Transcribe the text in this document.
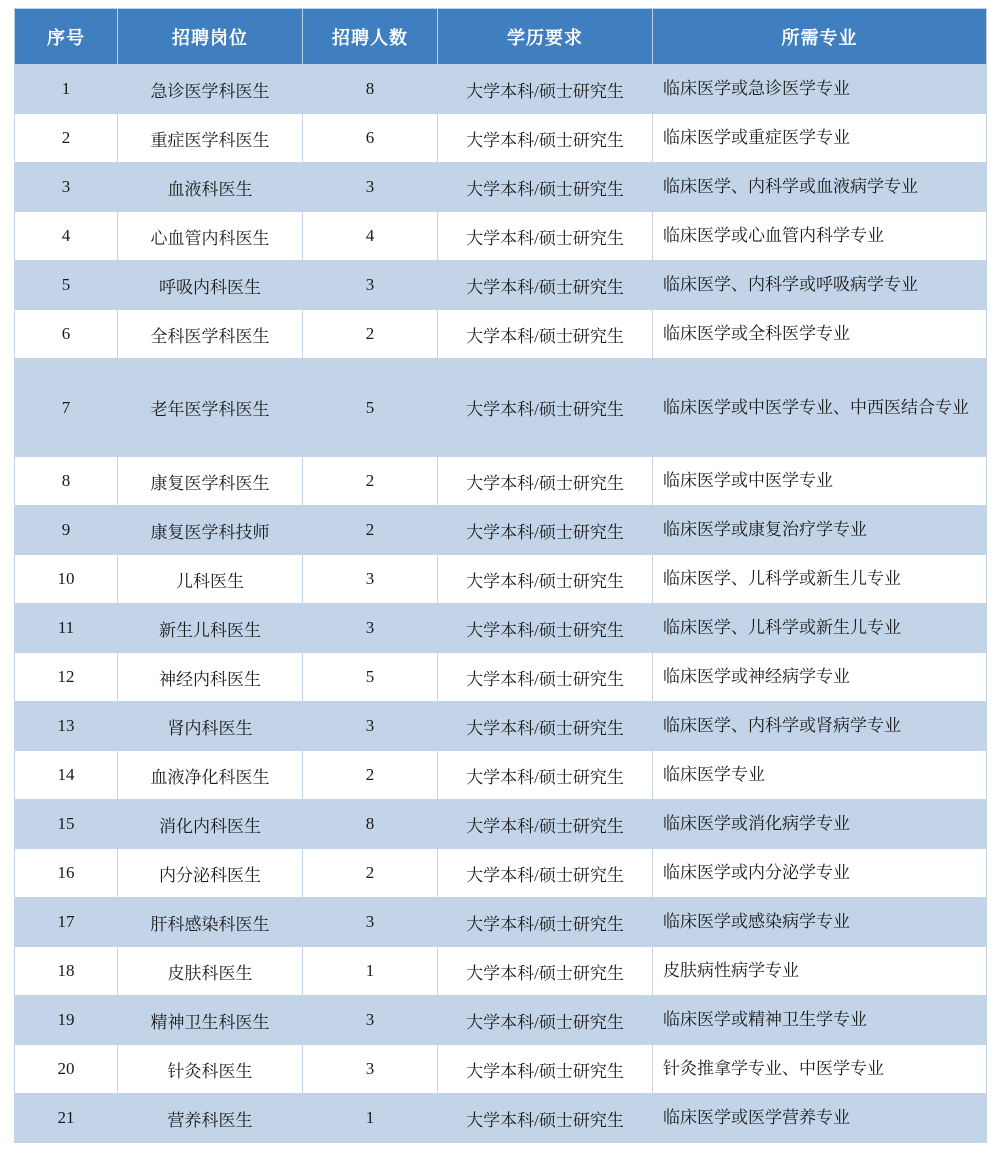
序号	招聘岗位	招聘人数	学历要求	所需专业
1	急诊医学科医生	8	大学本科/硕士研究生	临床医学或急诊医学专业
2	重症医学科医生	6	大学本科/硕士研究生	临床医学或重症医学专业
3	血液科医生	3	大学本科/硕士研究生	临床医学、内科学或血液病学专业
4	心血管内科医生	4	大学本科/硕士研究生	临床医学或心血管内科学专业
5	呼吸内科医生	3	大学本科/硕士研究生	临床医学、内科学或呼吸病学专业
6	全科医学科医生	2	大学本科/硕士研究生	临床医学或全科医学专业
7	老年医学科医生	5	大学本科/硕士研究生	临床医学或中医学专业、中西医结合专业
8	康复医学科医生	2	大学本科/硕士研究生	临床医学或中医学专业
9	康复医学科技师	2	大学本科/硕士研究生	临床医学或康复治疗学专业
10	儿科医生	3	大学本科/硕士研究生	临床医学、儿科学或新生儿专业
11	新生儿科医生	3	大学本科/硕士研究生	临床医学、儿科学或新生儿专业
12	神经内科医生	5	大学本科/硕士研究生	临床医学或神经病学专业
13	肾内科医生	3	大学本科/硕士研究生	临床医学、内科学或肾病学专业
14	血液净化科医生	2	大学本科/硕士研究生	临床医学专业
15	消化内科医生	8	大学本科/硕士研究生	临床医学或消化病学专业
16	内分泌科医生	2	大学本科/硕士研究生	临床医学或内分泌学专业
17	肝科感染科医生	3	大学本科/硕士研究生	临床医学或感染病学专业
18	皮肤科医生	1	大学本科/硕士研究生	皮肤病性病学专业
19	精神卫生科医生	3	大学本科/硕士研究生	临床医学或精神卫生学专业
20	针灸科医生	3	大学本科/硕士研究生	针灸推拿学专业、中医学专业
21	营养科医生	1	大学本科/硕士研究生	临床医学或医学营养专业
